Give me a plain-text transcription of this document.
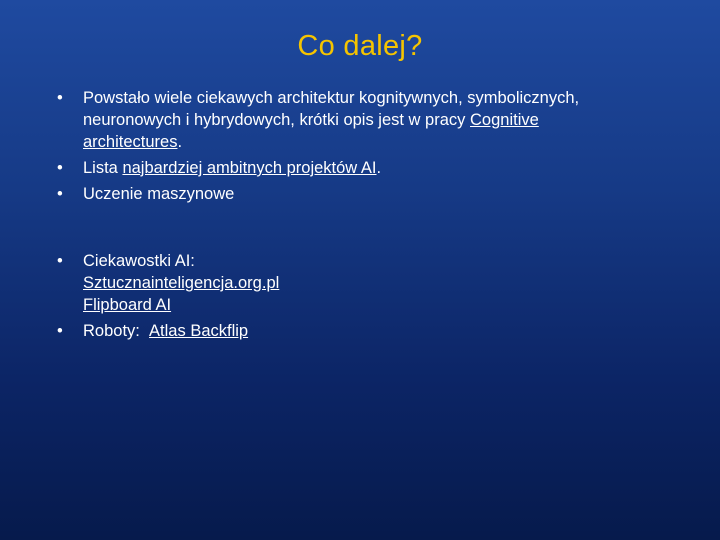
Co dalej?
•	Powstało wiele ciekawych architektur kognitywnych, symbolicznych, neuronowych i hybrydowych, krótki opis jest w pracy Cognitive architectures.
•	Lista najbardziej ambitnych projektów AI.
•	Uczenie maszynowe
•	Ciekawostki AI:
Sztucznainteligencja.org.pl
Flipboard AI
•	Roboty: Atlas Backflip
